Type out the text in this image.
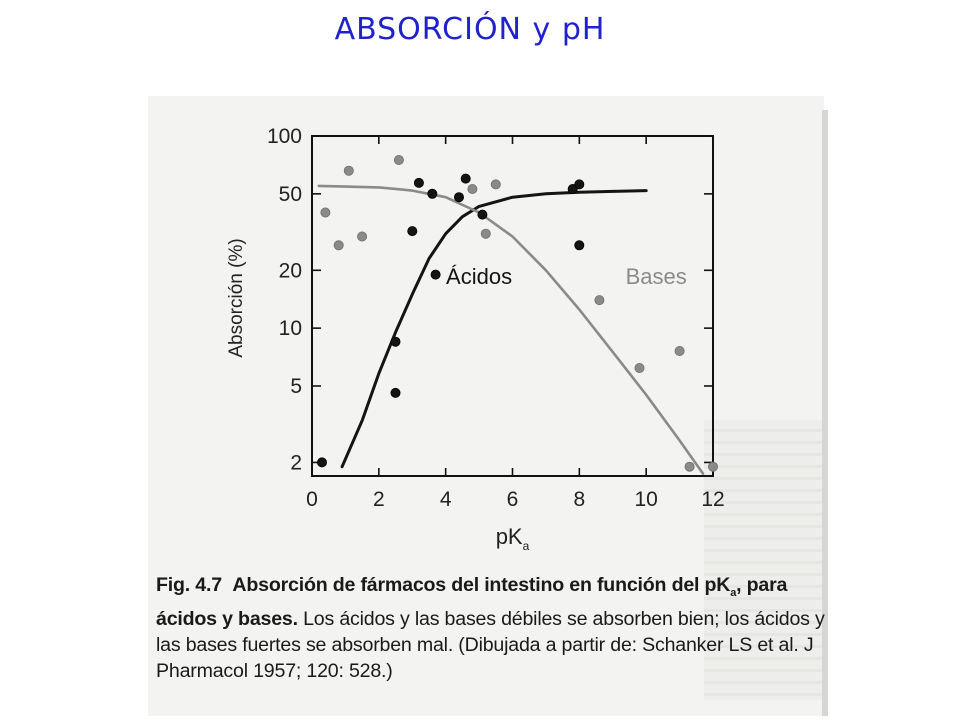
ABSORCIÓN y pH
0	2	4	6	8 10 12
2
5
10
20
50
100
$pK_a$
Absorción (%)	Ácidos	Bases
Fig. 4.7 Absorción de fármacos del intestino en función del $pK_a$, para ácidos y bases. Los ácidos y las bases débiles se absorben bien; los ácidos y las bases fuertes se absorben mal. (Dibujada a partir de: Schanker LS et al. J Pharmacol 1957; 120: 528.)
